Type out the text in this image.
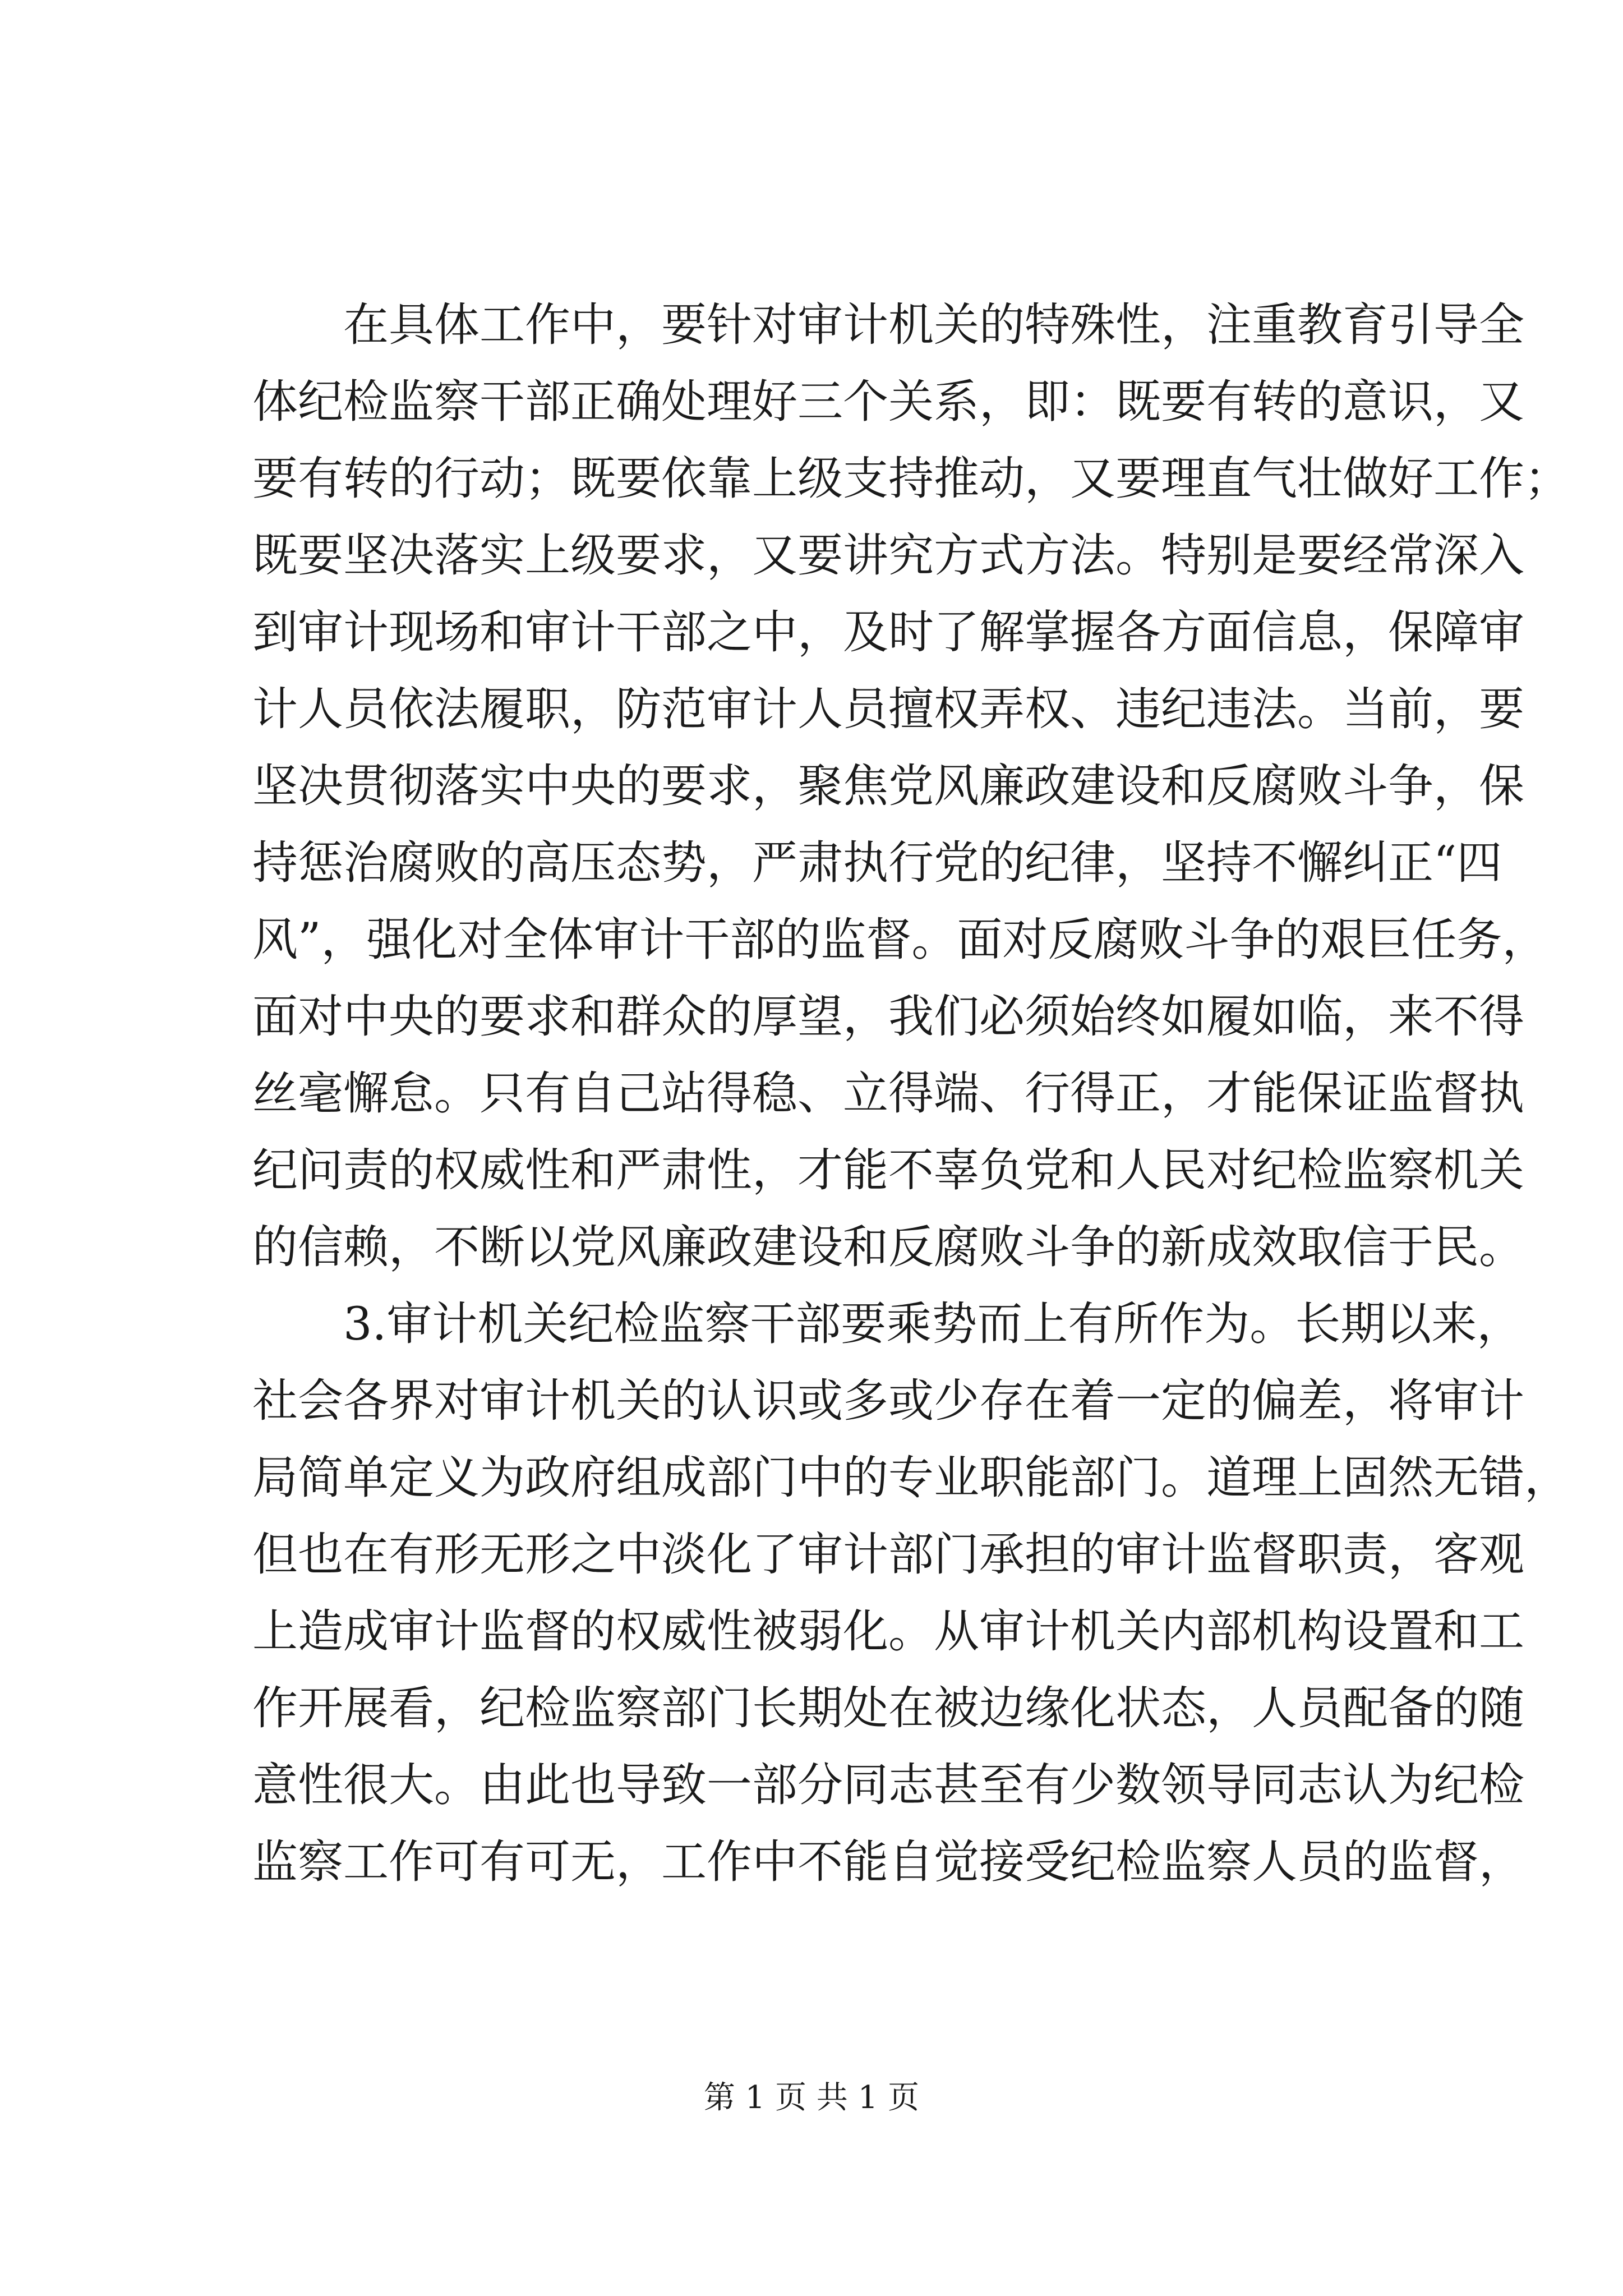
在具体工作中，要针对审计机关的特殊性，注重教育引导全
体纪检监察干部正确处理好三个关系，即：既要有转的意识，又
要有转的行动；既要依靠上级支持推动，又要理直气壮做好工作；
既要坚决落实上级要求，又要讲究方式方法。特别是要经常深入
到审计现场和审计干部之中，及时了解掌握各方面信息，保障审
计人员依法履职，防范审计人员擅权弄权、违纪违法。当前，要
坚决贯彻落实中央的要求，聚焦党风廉政建设和反腐败斗争，保
持惩治腐败的高压态势，严肃执行党的纪律，坚持不懈纠正“四
风”，强化对全体审计干部的监督。面对反腐败斗争的艰巨任务，
面对中央的要求和群众的厚望，我们必须始终如履如临，来不得
丝毫懈怠。只有自己站得稳、立得端、行得正，才能保证监督执
纪问责的权威性和严肃性，才能不辜负党和人民对纪检监察机关
的信赖，不断以党风廉政建设和反腐败斗争的新成效取信于民。
3.审计机关纪检监察干部要乘势而上有所作为。长期以来，
社会各界对审计机关的认识或多或少存在着一定的偏差，将审计
局简单定义为政府组成部门中的专业职能部门。道理上固然无错，
但也在有形无形之中淡化了审计部门承担的审计监督职责，客观
上造成审计监督的权威性被弱化。从审计机关内部机构设置和工
作开展看，纪检监察部门长期处在被边缘化状态，人员配备的随
意性很大。由此也导致一部分同志甚至有少数领导同志认为纪检
监察工作可有可无，工作中不能自觉接受纪检监察人员的监督，
第 1 页 共 1 页
